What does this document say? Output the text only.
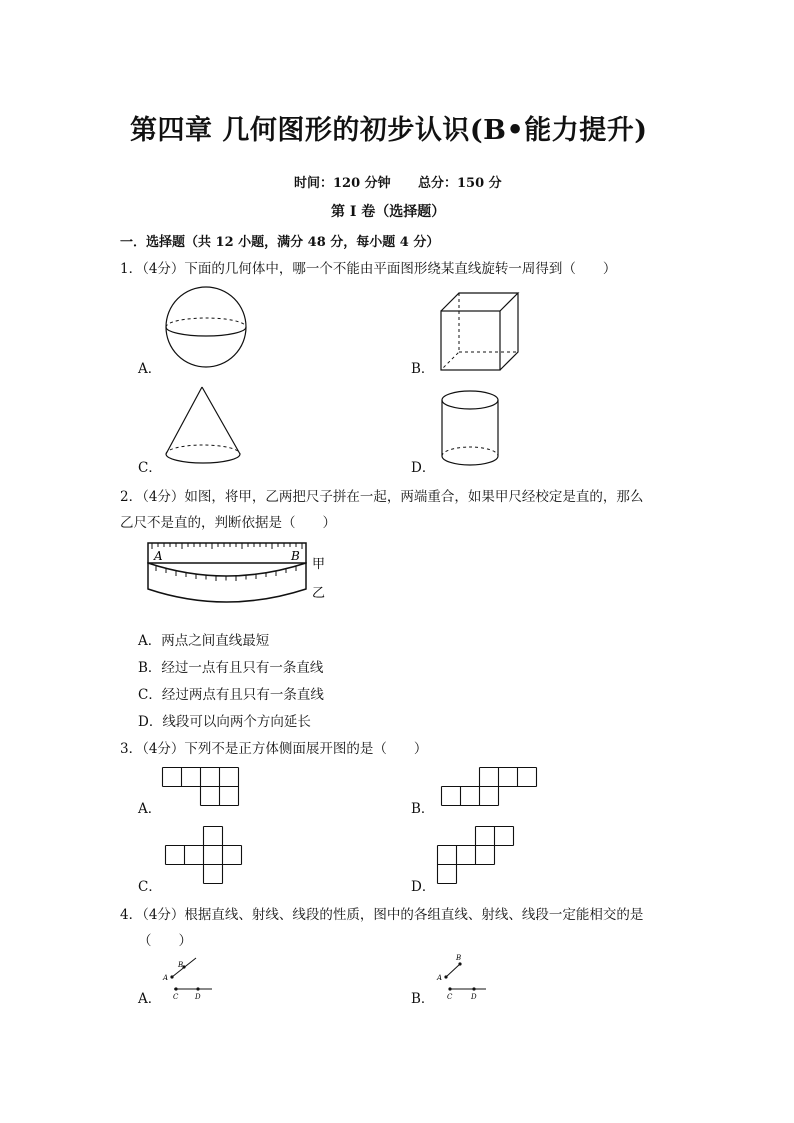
第四章 几何图形的初步认识(B•能力提升)
时间：120 分钟 总分：150 分
第 I 卷（选择题）
一．选择题（共 12 小题，满分 48 分，每小题 4 分）
1．（4分）下面的几何体中，哪一个不能由平面图形绕某直线旋转一周得到（　　）
A．	B．
C．	D．
2．（4分）如图，将甲，乙两把尺子拼在一起，两端重合，如果甲尺经校定是直的，那么
乙尺不是直的，判断依据是（　　）
A	B
甲
乙
A．两点之间直线最短
B．经过一点有且只有一条直线
C．经过两点有且只有一条直线
D．线段可以向两个方向延长
3．（4分）下列不是正方体侧面展开图的是（　　）
A．	B．
C．	D．
4．（4分）根据直线、射线、线段的性质，图中的各组直线、射线、线段一定能相交的是
（　　）
A．
A
B
C D	B．
A
B
C	D
